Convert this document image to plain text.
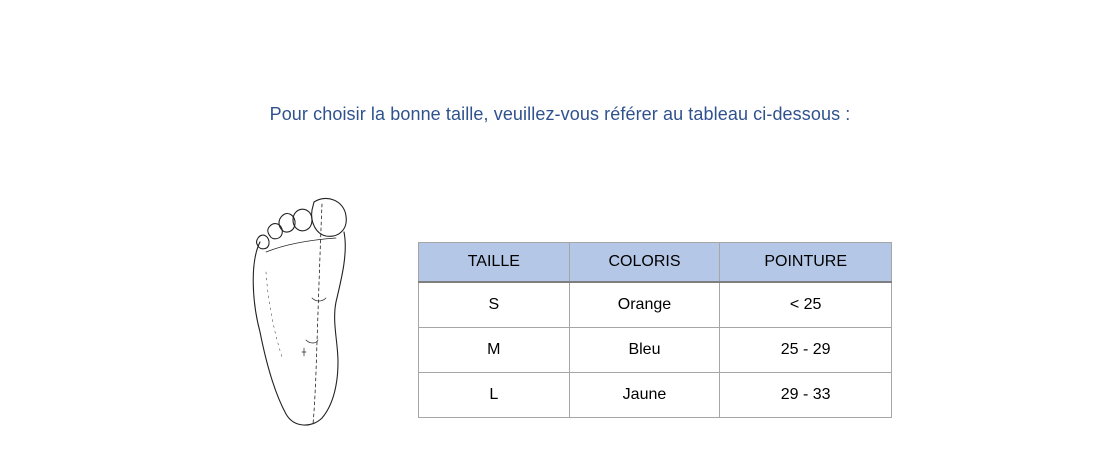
Pour choisir la bonne taille, veuillez-vous référer au tableau ci-dessous :
TAILLE	COLORIS	POINTURE
S	Orange	< 25
M	Bleu	25 - 29
L	Jaune	29 - 33
